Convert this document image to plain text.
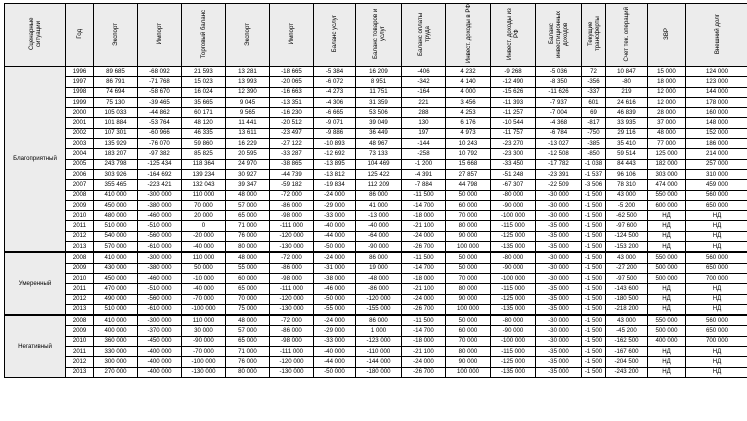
Сценарные ситуации	Год	Экспорт	Импорт	Торговый баланс	Экспорт	Импорт	Баланс услуг	Баланс товаров и услуг	Баланс оплаты труда	Инвест. доходы в РФ	Инвест. доходы из РФ	Баланс инвестиционных доходов	Текущие трансферты	Счет тек. операций	ЗВР	Внешний долг
Благоприятный	1996	89 685	-68 092	21 593	13 281	-18 665	-5 384	16 209	-406	4 232	-9 268	-5 036	72	10 847	15 000	124 000
	1997	86 791	-71 768	15 023	13 993	-20 065	-6 072	8 951	-342	4 140	-12 490	-8 350	-356	-80	18 000	123 000
	1998	74 694	-58 670	16 024	12 390	-16 663	-4 273	11 751	-164	4 000	-15 626	-11 626	-337	219	12 000	144 000
	1999	75 130	-39 465	35 665	9 045	-13 351	-4 306	31 359	221	3 456	-11 393	-7 937	601	24 616	12 000	178 000
	2000	105 033	-44 862	60 171	9 565	-16 230	-6 665	53 506	288	4 253	-11 257	-7 004	69	46 839	28 000	160 000
	2001	101 884	-53 764	48 120	11 441	-20 512	-9 071	39 049	130	6 176	-10 544	-4 368	-817	33 935	37 000	148 000
	2002	107 301	-60 966	46 335	13 611	-23 497	-9 886	36 449	197	4 973	-11 757	-6 784	-750	29 116	48 000	152 000
	2003	135 929	-76 070	59 860	16 229	-27 122	-10 893	48 967	-144	10 243	-23 270	-13 027	-385	35 410	77 000	186 000
	2004	183 207	-97 382	85 825	20 595	-33 287	-12 692	73 133	-258	10 792	-23 300	-12 508	-850	59 514	125 000	214 000
	2005	243 798	-125 434	118 364	24 970	-38 865	-13 895	104 469	-1 200	15 668	-33 450	-17 782	-1 038	84 443	182 000	257 000
	2006	303 926	-164 692	139 234	30 927	-44 739	-13 812	125 422	-4 391	27 857	-51 248	-23 391	-1 537	96 106	303 000	310 000
	2007	355 465	-223 421	132 043	39 347	-59 182	-19 834	112 209	-7 884	44 798	-67 307	-22 509	-3 506	78 310	474 000	459 000
	2008	410 000	-300 000	110 000	48 000	-72 000	-24 000	86 000	-11 500	50 000	-80 000	-30 000	-1 500	43 000	550 000	560 000
	2009	450 000	-380 000	70 000	57 000	-86 000	-29 000	41 000	-14 700	60 000	-90 000	-30 000	-1 500	-5 200	600 000	650 000
	2010	480 000	-460 000	20 000	65 000	-98 000	-33 000	-13 000	-18 000	70 000	-100 000	-30 000	-1 500	-62 500	НД	НД
	2011	510 000	-510 000	0	71 000	-111 000	-40 000	-40 000	-21 100	80 000	-115 000	-35 000	-1 500	-97 600	НД	НД
	2012	540 000	-560 000	-20 000	76 000	-120 000	-44 000	-64 000	-24 000	90 000	-125 000	-35 000	-1 500	-124 500	НД	НД
	2013	570 000	-610 000	-40 000	80 000	-130 000	-50 000	-90 000	-26 700	100 000	-135 000	-35 000	-1 500	-153 200	НД	НД
Умеренный	2008	410 000	-300 000	110 000	48 000	-72 000	-24 000	86 000	-11 500	50 000	-80 000	-30 000	-1 500	43 000	550 000	560 000
	2009	430 000	-380 000	50 000	55 000	-86 000	-31 000	19 000	-14 700	50 000	-90 000	-30 000	-1 500	-27 200	500 000	650 000
	2010	450 000	-460 000	-10 000	60 000	-98 000	-38 000	-48 000	-18 000	70 000	-100 000	-30 000	-1 500	-97 500	500 000	700 000
	2011	470 000	-510 000	-40 000	65 000	-111 000	-46 000	-86 000	-21 100	80 000	-115 000	-35 000	-1 500	-143 600	НД	НД
	2012	490 000	-560 000	-70 000	70 000	-120 000	-50 000	-120 000	-24 000	90 000	-125 000	-35 000	-1 500	-180 500	НД	НД
	2013	510 000	-610 000	-100 000	75 000	-130 000	-55 000	-155 000	-26 700	100 000	-135 000	-35 000	-1 500	-218 200	НД	НД
Негативный	2008	410 000	-300 000	110 000	48 000	-72 000	-24 000	86 000	-11 500	50 000	-80 000	-30 000	-1 500	43 000	550 000	560 000
	2009	400 000	-370 000	30 000	57 000	-86 000	-29 000	1 000	-14 700	60 000	-90 000	-30 000	-1 500	-45 200	500 000	650 000
	2010	360 000	-450 000	-90 000	65 000	-98 000	-33 000	-123 000	-18 000	70 000	-100 000	-30 000	-1 500	-162 500	400 000	700 000
	2011	330 000	-400 000	-70 000	71 000	-111 000	-40 000	-110 000	-21 100	80 000	-115 000	-35 000	-1 500	-167 600	НД	НД
	2012	300 000	-400 000	-100 000	76 000	-120 000	-44 000	-144 000	-24 000	90 000	-125 000	-35 000	-1 500	-204 500	НД	НД
	2013	270 000	-400 000	-130 000	80 000	-130 000	-50 000	-180 000	-26 700	100 000	-135 000	-35 000	-1 500	-243 200	НД	НД
